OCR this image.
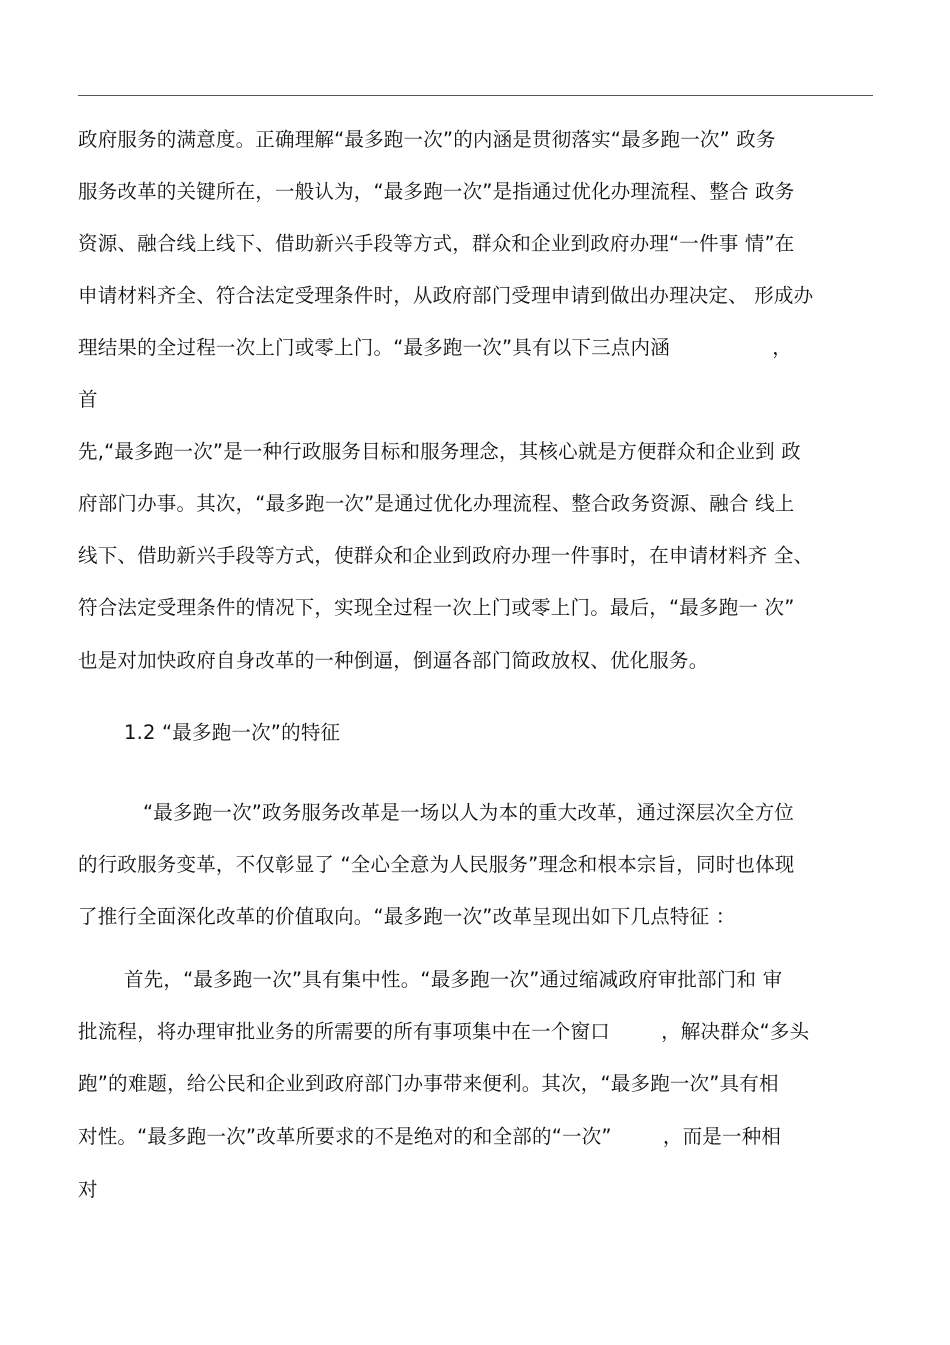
政府服务的满意度。正确理解“最多跑一次”的内涵是贯彻落实“最多跑一次” 政务
服务改革的关键所在，一般认为，“最多跑一次”是指通过优化办理流程、整合 政务
资源、融合线上线下、借助新兴手段等方式，群众和企业到政府办理“一件事 情”在
申请材料齐全、符合法定受理条件时，从政府部门受理申请到做出办理决定、 形成办
理结果的全过程一次上门或零上门。“最多跑一次”具有以下三点内涵                ，
首
先,“最多跑一次”是一种行政服务目标和服务理念，其核心就是方便群众和企业到 政
府部门办事。其次，“最多跑一次”是通过优化办理流程、整合政务资源、融合 线上
线下、借助新兴手段等方式，使群众和企业到政府办理一件事时，在申请材料齐 全、
符合法定受理条件的情况下，实现全过程一次上门或零上门。最后，“最多跑一 次”
也是对加快政府自身改革的一种倒逼，倒逼各部门简政放权、优化服务。
1.2 “最多跑一次”的特征
“最多跑一次”政务服务改革是一场以人为本的重大改革，通过深层次全方位
的行政服务变革，不仅彰显了 “全心全意为人民服务”理念和根本宗旨，同时也体现
了推行全面深化改革的价值取向。“最多跑一次”改革呈现出如下几点特征 ：
首先，“最多跑一次”具有集中性。“最多跑一次”通过缩减政府审批部门和 审
批流程，将办理审批业务的所需要的所有事项集中在一个窗口        ，解决群众“多头
跑”的难题，给公民和企业到政府部门办事带来便利。其次，“最多跑一次”具有相
对性。“最多跑一次”改革所要求的不是绝对的和全部的“一次”        ，而是一种相
对
